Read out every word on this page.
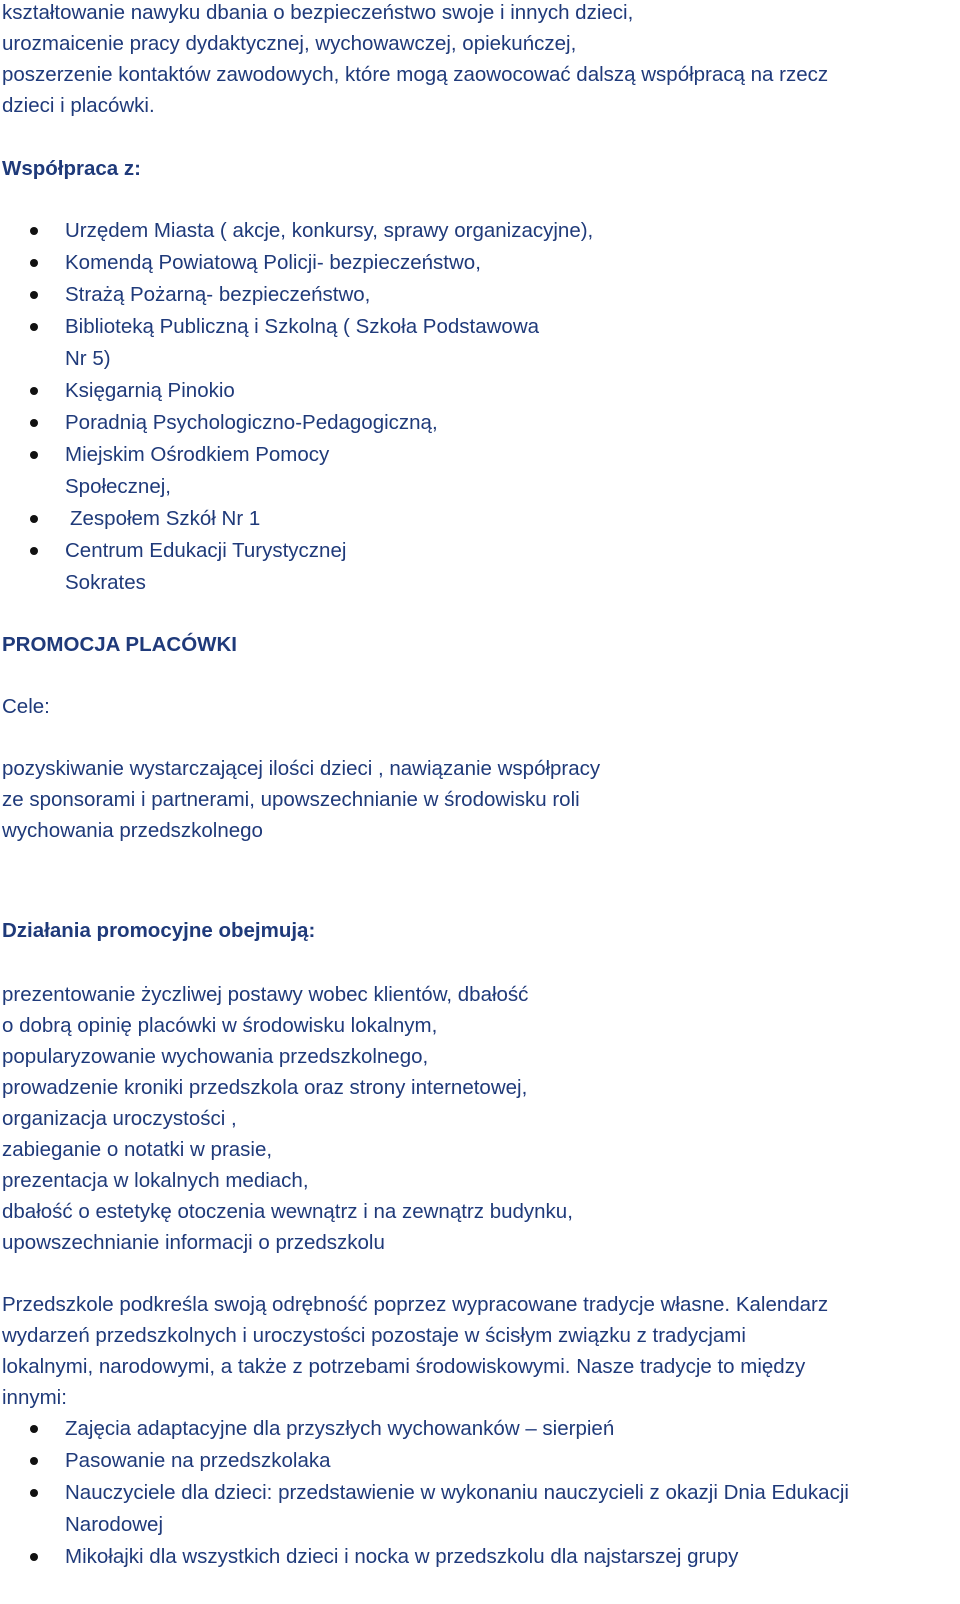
kształtowanie nawyku dbania o bezpieczeństwo swoje i innych dzieci,
urozmaicenie pracy dydaktycznej, wychowawczej, opiekuńczej,
poszerzenie kontaktów zawodowych, które mogą zaowocować dalszą współpracą na rzecz
dzieci i placówki.
Współpraca z:
Urzędem Miasta ( akcje, konkursy, sprawy organizacyjne),
Komendą Powiatową Policji- bezpieczeństwo,
Strażą Pożarną- bezpieczeństwo,
Biblioteką Publiczną i Szkolną ( Szkoła Podstawowa
Nr 5)
Księgarnią Pinokio
Poradnią Psychologiczno-Pedagogiczną,
Miejskim Ośrodkiem Pomocy
Społecznej,
Zespołem Szkół Nr 1
Centrum Edukacji Turystycznej
Sokrates
PROMOCJA PLACÓWKI
Cele:
pozyskiwanie wystarczającej ilości dzieci , nawiązanie współpracy
ze sponsorami i partnerami, upowszechnianie w środowisku roli
wychowania przedszkolnego
Działania promocyjne obejmują:
prezentowanie życzliwej postawy wobec klientów, dbałość
o dobrą opinię placówki w środowisku lokalnym,
popularyzowanie wychowania przedszkolnego,
prowadzenie kroniki przedszkola oraz strony internetowej,
organizacja uroczystości ,
zabieganie o notatki w prasie,
prezentacja w lokalnych mediach,
dbałość o estetykę otoczenia wewnątrz i na zewnątrz budynku,
upowszechnianie informacji o przedszkolu
Przedszkole podkreśla swoją odrębność poprzez wypracowane tradycje własne. Kalendarz
wydarzeń przedszkolnych i uroczystości pozostaje w ścisłym związku z tradycjami
lokalnymi, narodowymi, a także z potrzebami środowiskowymi. Nasze tradycje to między
innymi:
Zajęcia adaptacyjne dla przyszłych wychowanków – sierpień
Pasowanie na przedszkolaka
Nauczyciele dla dzieci: przedstawienie w wykonaniu nauczycieli z okazji Dnia Edukacji
Narodowej
Mikołajki dla wszystkich dzieci i nocka w przedszkolu dla najstarszej grupy
